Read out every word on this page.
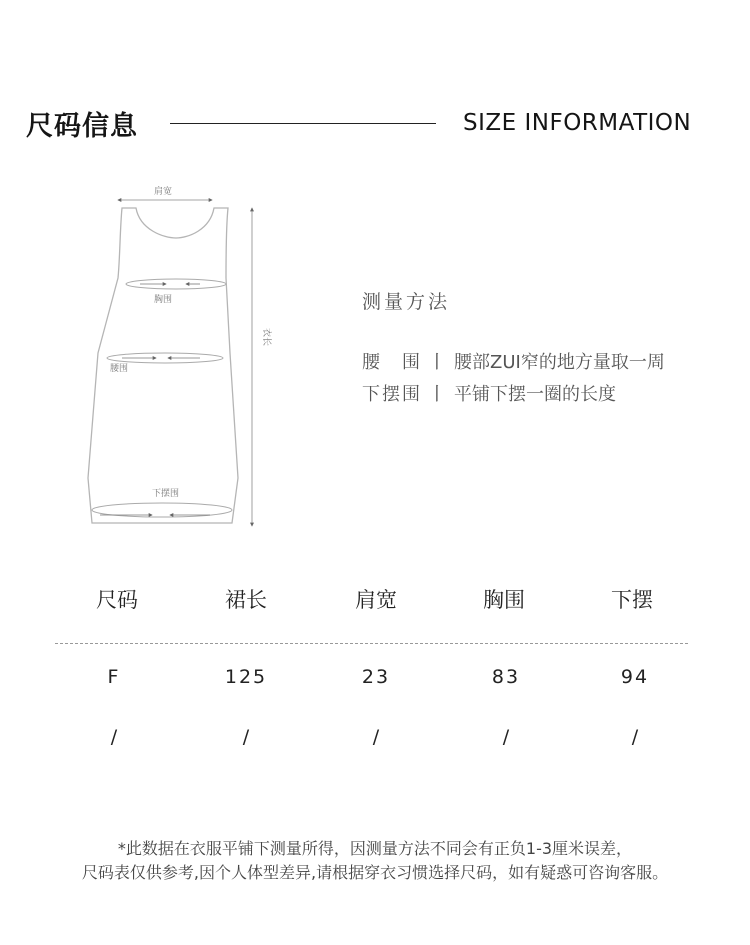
尺码信息	SIZE INFORMATION
肩宽
胸围
腰围
下摆围
衣长
测量方法
腰　围 丨 腰部ZUI窄的地方量取一周
下摆围 丨 平铺下摆一圈的长度
尺码	裙长	肩宽	胸围	下摆
F	125	23	83	94
/	/	/	/	/
*此数据在衣服平铺下测量所得，因测量方法不同会有正负1-3厘米误差，
尺码表仅供参考,因个人体型差异,请根据穿衣习惯选择尺码，如有疑惑可咨询客服。
